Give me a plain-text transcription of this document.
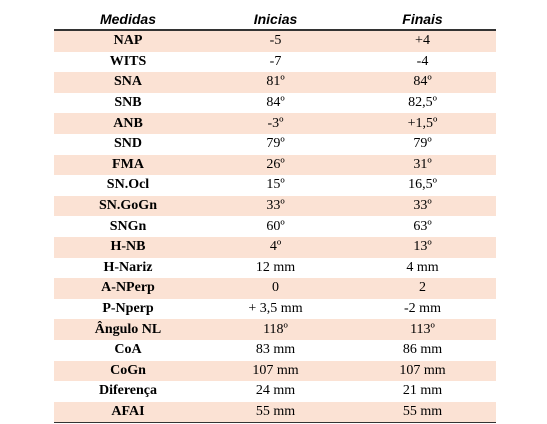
Medidas	Inicias	Finais
NAP	-5	+4
WITS	-7	-4
SNA	81º	84º
SNB	84º	82,5º
ANB	-3º	+1,5º
SND	79º	79º
FMA	26º	31º
SN.Ocl	15º	16,5º
SN.GoGn	33º	33º
SNGn	60º	63º
H-NB	4º	13º
H-Nariz	12 mm	4 mm
A-NPerp	0	2
P-Nperp	+ 3,5 mm	-2 mm
Ângulo NL	118º	113º
CoA	83 mm	86 mm
CoGn	107 mm	107 mm
Diferença	24 mm	21 mm
AFAI	55 mm	55 mm
